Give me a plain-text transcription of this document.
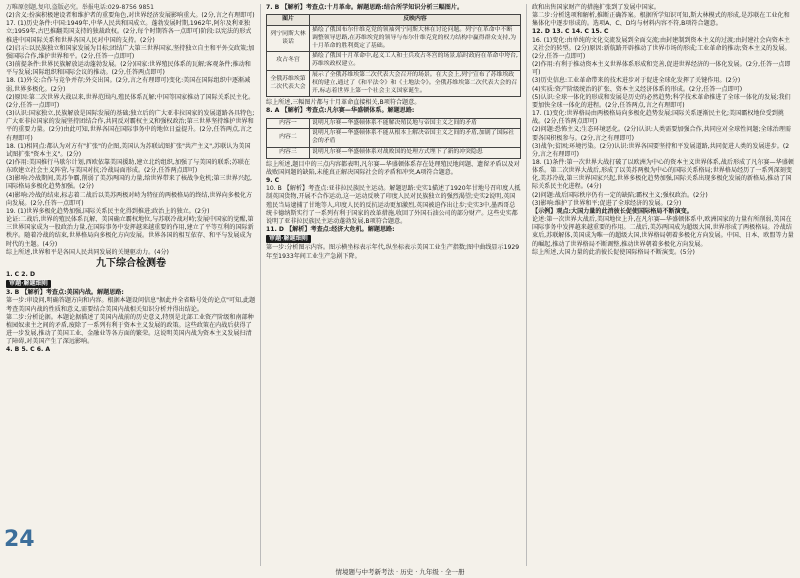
万唯原创题,复印,盗版必究。举报电话:029-8756 9851

(2)含义:扮演积极建设者和维护者的重要角色,对世界经济发展影响重大。(2分,言之有理即可)

17. (1)历史条件:中国:1949年,中华人民共和国成立。蓬勃发展时期,1962年,阿尔及利亚独立;1959年,古巴推翻美国支持的独裁政权。(2分,每个时期答各一点即可)阶段:以宪法的形式推进中国国际关系和世界各国人民对中国的支持。(2分)

(2)启示:以民族独立和国家发展为目标;团结广大第三世界国家,坚持独立自主和平外交政策;加强国际合作,维护世界和平。(2分,任答一点即可)

(3)前提条件:世界民族解放运动蓬勃发展。(2分)国家:世界殖民体系的瓦解;客观条件;推动和平与发展;国际组织和国际会议的推动。(2分,任答两点即可)

18. (1)外交:合作与竞争并存;外交出国。(2分,言之有理即可)变化:美国在国际组织中逐渐减弱,世界多极化。(2分)

(2)原因:第二次世界大战以来,世界范围内,殖民体系瓦解;中国等国家推动了国际关系民主化。(2分,任答一点即可)

(3)认识:国家独立,民族解放是国际发展的基础;独立后的广大亚非拉国家的发展道路各具特色;广大亚非拉国家的发展坚持团结合作,共同反对霸权主义和强权政治;第三世界坚持维护世界和平的重要力量。(2分)由此可知,世界各国在国际事务中的地位日益提升。(2分,任答两点,言之有理即可)

18. (1)相同点:都认为对方有"扩张"的企图,美国认为苏联试图扩张"共产主义",苏联认为美国试图扩张"资本主义"。(2分)

(2)作用:美国推行马歇尔计划,西欧依靠美国援助,建立北约组织,加强了与美国的联系;苏联在东欧建立社会主义阵营,与美国对抗;冷战局面形成。(2分,任答两点即可)

(3)影响:冷战期间,美苏争霸,削弱了美苏两国的力量,给世界带来了核战争危机;第三世界兴起,国际格局多极化趋势加强。(2分)

(4)影响:冷战的结束,标志着二战后以美苏两极对峙为特征的两极格局的终结,世界向多极化方向发展。(2分,任答一点即可)

19. (1)世界多极化趋势加强,国际关系民主化得到推进;政治上的独立。(2分)

论证:二战后,世界的殖民体系瓦解、美国确立霸权地位,与苏联冷战对峙;发展中国家的觉醒,第三世界国家成为一股政治力量,在国际事务中发挥越来越重要的作用,建立了平等互利的国际新秩序。随着冷战的结束,世界格局向多极化方向发展。世界各国的相互依存、和平与发展成为时代的主题。(4分)

综上所述,世界和平是各国人民共同发展的关键驱动力。(4分)

九下综合检测卷

1. C 2. D

审题·解题细则

3. B 【解析】考查点:美国内战。解题思路:

第一步:审设问,明确答题方向和内容。根据本题设问信息"据此并全省略号处的论点"可知,此题考查美国内战的性质和意义,需要结合美国内战相关知识分析并得出结论。

第二步:分析论据。本题论据描述了美国内战前的历史意义,特别是北部工业资产阶级和南部种植园奴隶主之间的矛盾,废除了一系列有利于资本主义发展的政策。这些政策在内战后获得了进一步发展,推动了美国工业、金融业等各方面的繁荣。这说明美国内战为资本主义发展扫清了障碍,对美国产生了深远影响。

4. B 5. C 6. A

7. B 【解析】考查点:十月革命。解题思路:结合所学知识分析三幅图片。

图片	反映内容
列宁同斯大林谈话	描绘了俄国布尔什维克党的领袖列宁同斯大林在讨论问题。列宁在革命中不断调整领导思路,在苏维埃党的领导与布尔什维克党的权力结构中赢得群众支持,为十月革命的胜利奠定了基础。
攻占冬宫	描绘了俄国十月革命中,起义工人和士兵攻占冬宫的场景,临时政府在革命中垮台,苏维埃政权建立。
全俄苏维埃第二次代表大会	展示了全俄苏维埃第二次代表大会召开的场景。在大会上,列宁宣布了苏维埃政权的建立,通过了《和平法令》和《土地法令》。全俄苏维埃第二次代表大会的召开,标志着世界上第一个社会主义国家诞生。

综上所述,三幅图片都与十月革命直接相关,B项符合题意。

8. A 【解析】考查点:凡尔赛—华盛顿体系。解题思路:

内容一	说明凡尔赛—华盛顿体系不能解决殖民地与帝国主义之间的矛盾
内容二	说明凡尔赛—华盛顿体系不能从根本上解决帝国主义之间的矛盾,加剧了国际社会的矛盾
内容三	说明凡尔赛—华盛顿体系对战败国的处理方式埋下了新的冲突隐患

综上所述,题目中的三点内容都表明,凡尔赛—华盛顿体系存在处理殖民地问题、遗留矛盾以及对战败国问题的缺陷,未能真正解决国际社会的矛盾和冲突,A项符合题意。

9. C

10. B 【解析】考查点:亚非拉民族民主运动。解题思路:史实1描述了1920年甘地号召印度人抵制英国货物,开展不合作运动,这一运动反映了印度人民对民族独立的强烈渴望;史实2说明,英国殖民当局逮捕了甘地等人,印度人民的反抗运动更加激烈,英国被迫作出让步;史实3中,墨西哥总统卡德纳斯实行了一系列有利于国家的改革措施,收回了外国石油公司的部分财产。这些史实都说明了亚非拉民族民主运动蓬勃发展,B项符合题意。

11. D 【解析】考查点:经济大危机。解题思路:

审题·解题细则

第一步:分析图示内容。图示横坐标表示年代,纵坐标表示美国工业生产指数;图中曲线显示1929年至1933年间工业生产急剧下降。

政和出售国家财产的措施扩张到了发展中国家。

第二步:分析选项和解析,推断正确答案。根据所学知识可知,斯大林模式的形成,是苏联在工业化和集体化中逐步形成的。选项A、C、D均与材料内容不符,B项符合题意。

12. D 13. C 14. C 15. C

16. (1)变化:由单纯的文化交流发展到全面交流;由封建制到资本主义的过渡;由封建社会向资本主义社会的转型。(2分)原因:新航路开辟推动了世界市场的形成;工业革命的推动;资本主义的发展。(2分,任答一点即可)

(2)作用:有利于推动资本主义世界体系形成和完善,促进世界经济的一体化发展。(2分,任答一点即可)

(3)历史信息:工业革命带来的技术进步对于促进全球化发挥了关键作用。(2分)

(4)实质:资产阶级统治的扩张、资本主义经济体系的形成。(2分,任答一点即可)

(5)认识:全球一体化的形成和发展是历史的必然趋势;科学技术革命推进了全球一体化的发展;我们要加快全球一体化的进程。(2分,任答两点,言之有理即可)

17. (1)变化:世界格局由两极格局向多极化趋势发展;国际关系逐渐民主化;美国霸权地位受到挑战。(2分,任答两点即可)

(2)问题:恐怖主义;生态环境恶化。(2分)认识:人类需要加强合作,共同应对全球性问题;全球治理需要各国积极参与。(2分,言之有理即可)

(3)战争;贫困;环境污染。(2分)认识:世界各国要坚持和平发展道路,共同促进人类的发展进步。(2分,言之有理即可)

18. (1)条件:第一次世界大战打破了以欧洲为中心的资本主义世界体系,战后形成了凡尔赛—华盛顿体系。第二次世界大战后,形成了以美苏两极为中心的国际关系格局;世界格局经历了一系列深刻变化,美苏冷战,第三世界国家兴起,世界多极化趋势加强,国际关系出现多极化发展的新格局,推动了国际关系民主化进程。(4分)

(2)问题:战后国际秩序仍有一定的缺陷;霸权主义;强权政治。(2分)

(3)影响:维护了世界和平;促进了全球经济的发展。(2分)

【示例】观点:大国力量的此消彼长促使国际格局不断演变。

论述:第一次世界大战后,美国地位上升,在凡尔赛—华盛顿体系中,欧洲国家的力量有所削弱,美国在国际事务中发挥越来越重要的作用。二战后,美苏两国成为超级大国,世界形成了两极格局。冷战结束后,苏联解体,美国成为唯一的超级大国,世界格局朝着多极化方向发展。中国、日本、欧盟等力量的崛起,推动了世界格局不断调整,推动世界朝着多极化方向发展。

综上所述,大国力量的此消彼长促使国际格局不断演变。(5分)

24
情境题与中考新考法 · 历史 · 九年级 · 全一册
